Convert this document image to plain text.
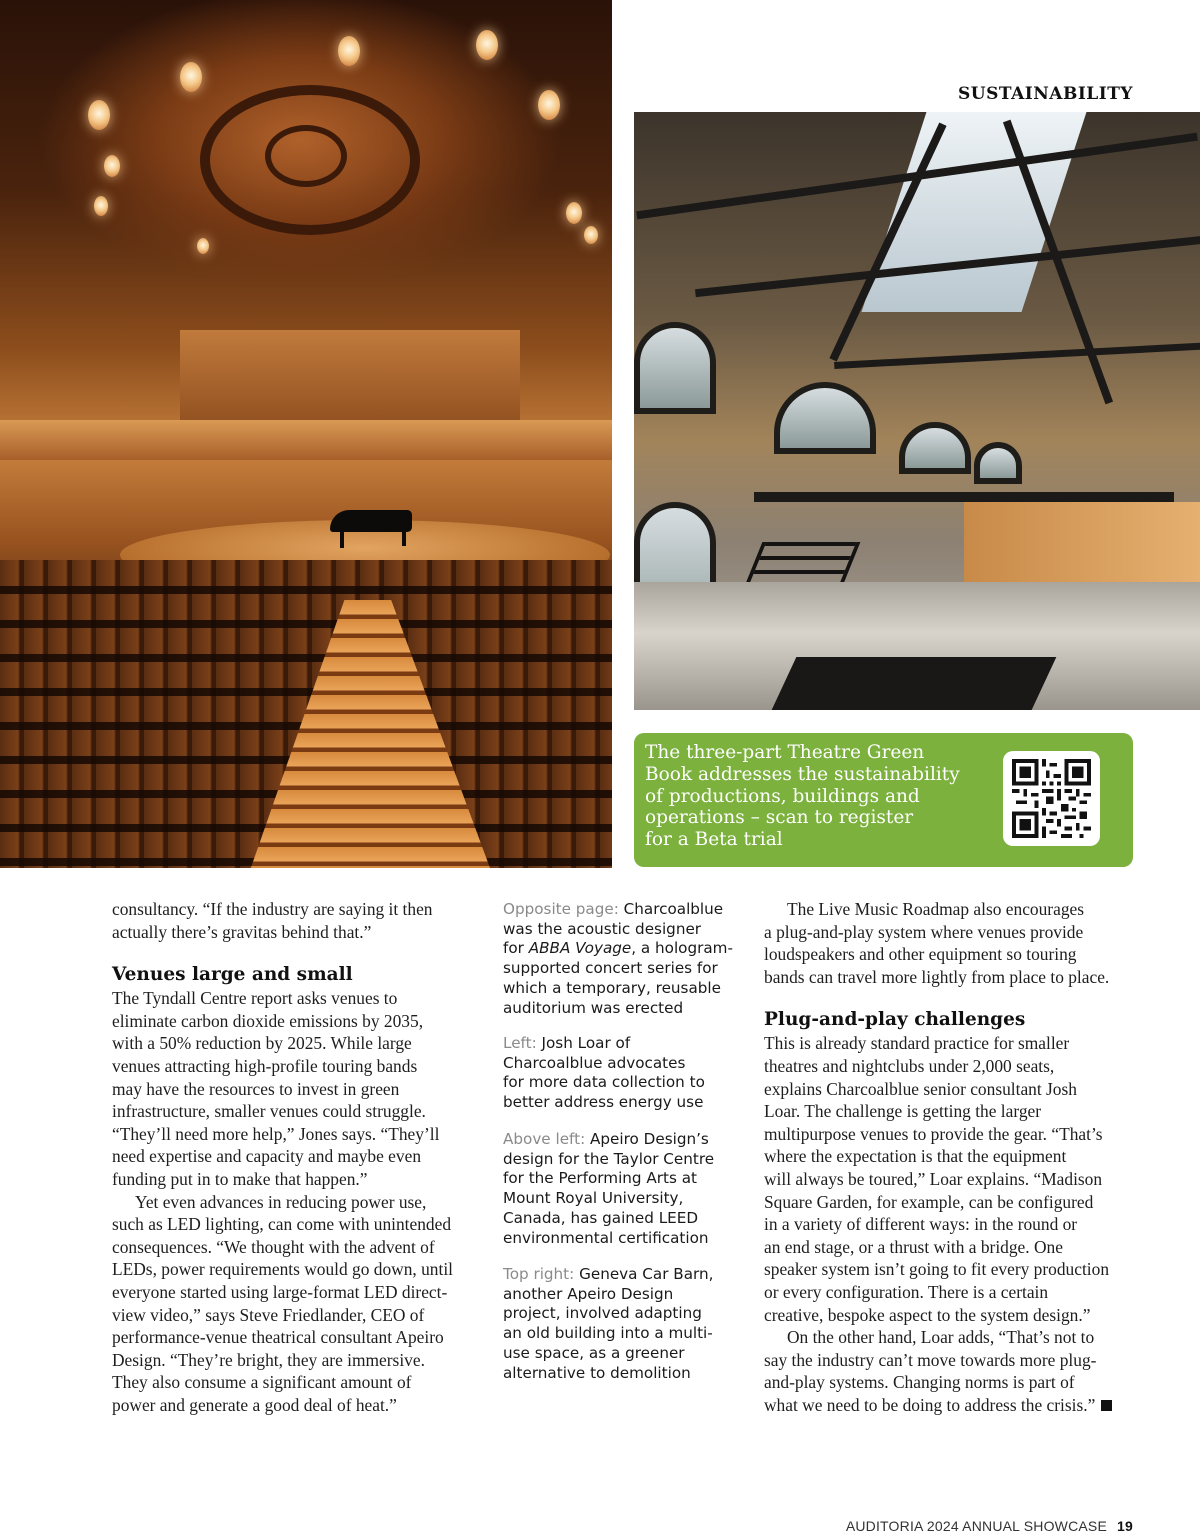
SUSTAINABILITY
The three-part Theatre Green
Book addresses the sustainability
of productions, buildings and
operations – scan to register
for a Beta trial

consultancy. “If the industry are saying it then
actually there’s gravitas behind that.”

Venues large and small

The Tyndall Centre report asks venues to
eliminate carbon dioxide emissions by 2035,
with a 50% reduction by 2025. While large
venues attracting high-profile touring bands
may have the resources to invest in green
infrastructure, smaller venues could struggle.
“They’ll need more help,” Jones says. “They’ll
need expertise and capacity and maybe even
funding put in to make that happen.”

Yet even advances in reducing power use,
such as LED lighting, can come with unintended
consequences. “We thought with the advent of
LEDs, power requirements would go down, until
everyone started using large-format LED direct-
view video,” says Steve Friedlander, CEO of
performance-venue theatrical consultant Apeiro
Design. “They’re bright, they are immersive.
They also consume a significant amount of
power and generate a good deal of heat.”

Opposite page: Charcoalblue
was the acoustic designer
for ABBA Voyage, a hologram-
supported concert series for
which a temporary, reusable
auditorium was erected
Left: Josh Loar of
Charcoalblue advocates
for more data collection to
better address energy use
Above left: Apeiro Design’s
design for the Taylor Centre
for the Performing Arts at
Mount Royal University,
Canada, has gained LEED
environmental certification
Top right: Geneva Car Barn,
another Apeiro Design
project, involved adapting
an old building into a multi-
use space, as a greener
alternative to demolition

The Live Music Roadmap also encourages
a plug-and-play system where venues provide
loudspeakers and other equipment so touring
bands can travel more lightly from place to place.

Plug-and-play challenges

This is already standard practice for smaller
theatres and nightclubs under 2,000 seats,
explains Charcoalblue senior consultant Josh
Loar. The challenge is getting the larger
multipurpose venues to provide the gear. “That’s
where the expectation is that the equipment
will always be toured,” Loar explains. “Madison
Square Garden, for example, can be configured
in a variety of different ways: in the round or
an end stage, or a thrust with a bridge. One
speaker system isn’t going to fit every production
or every configuration. There is a certain
creative, bespoke aspect to the system design.”

On the other hand, Loar adds, “That’s not to
say the industry can’t move towards more plug-
and-play systems. Changing norms is part of
what we need to be doing to address the crisis.”

AUDITORIA 2024 ANNUAL SHOWCASE 19
